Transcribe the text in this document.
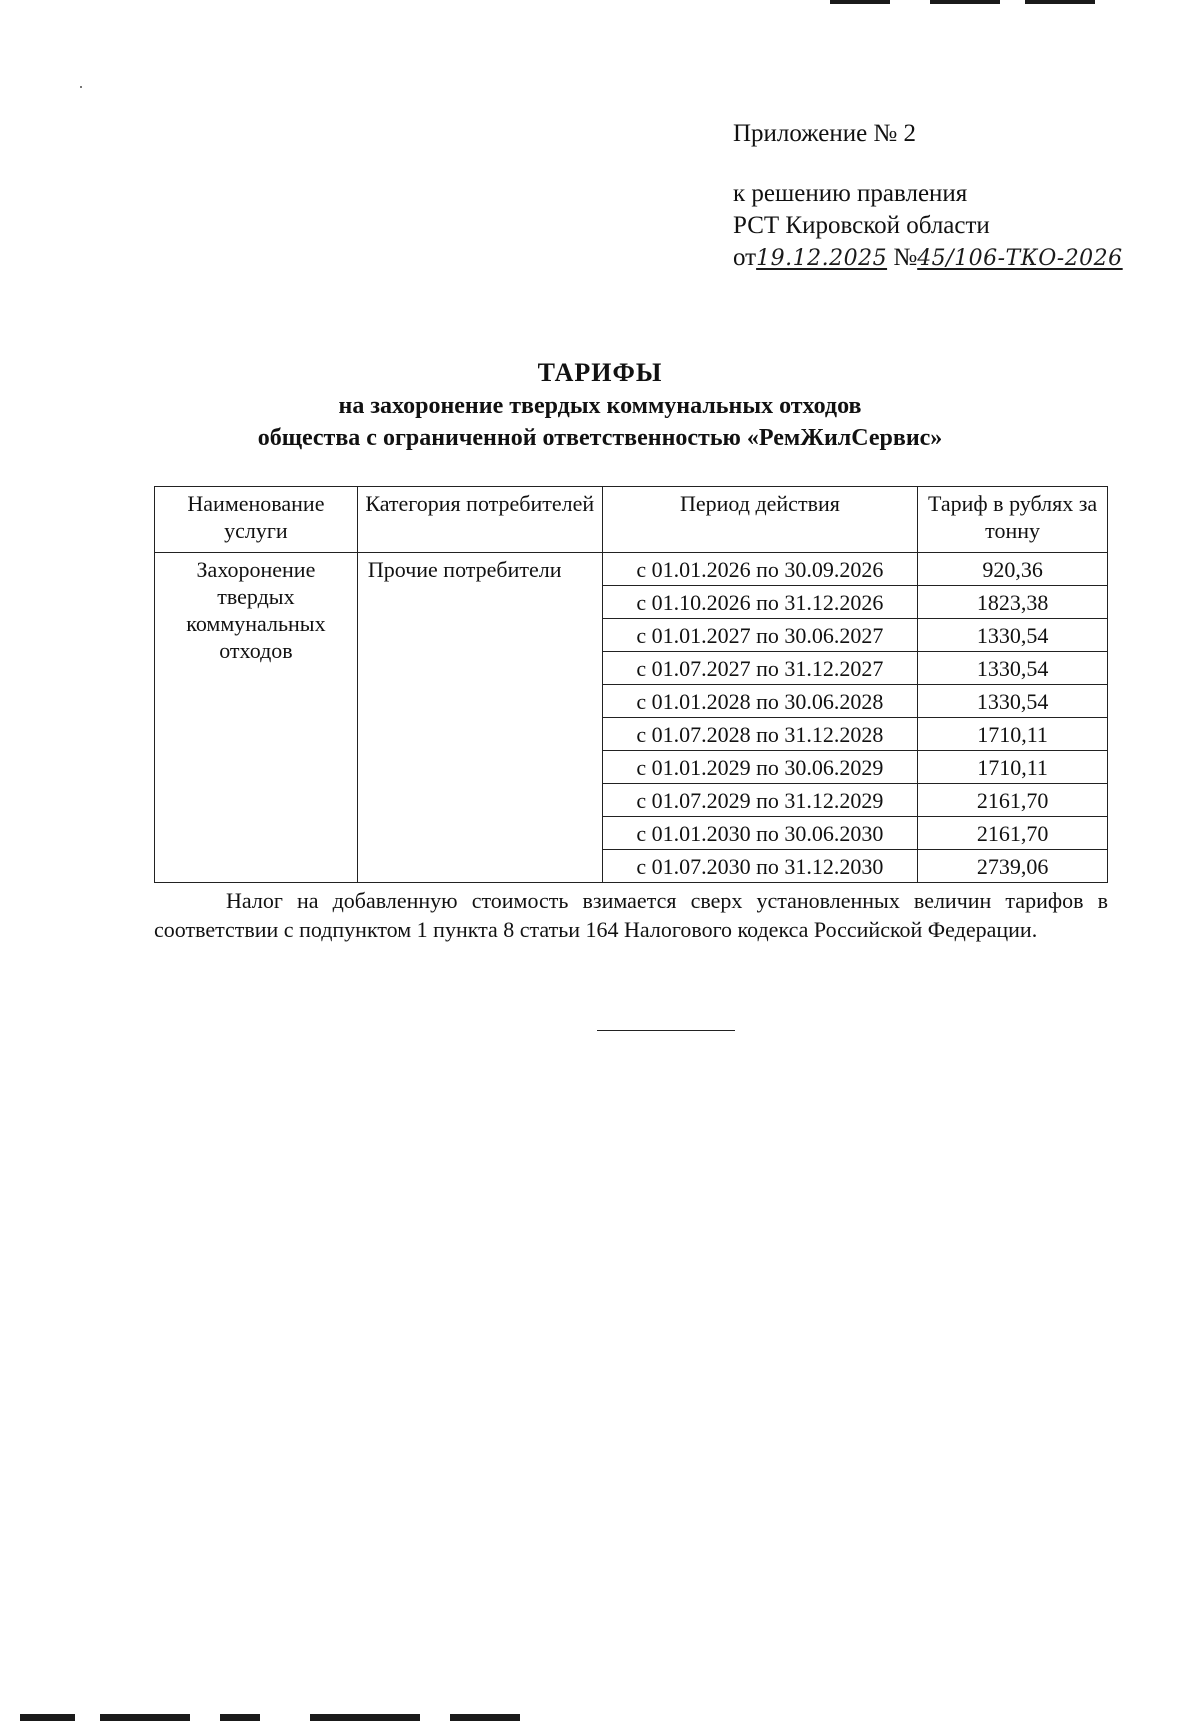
Приложение № 2
к решению правления
РСТ Кировской области
от19.12.2025 №45/106-ТКО-2026
ТАРИФЫ
на захоронение твердых коммунальных отходов
общества с ограниченной ответственностью «РемЖилСервис»
Наименование услуги	Категория потребителей	Период действия	Тариф в рублях за тонну
Захоронение твердых коммунальных отходов	Прочие потребители	с 01.01.2026 по 30.09.2026	920,36
		с 01.10.2026 по 31.12.2026	1823,38
		с 01.01.2027 по 30.06.2027	1330,54
		с 01.07.2027 по 31.12.2027	1330,54
		с 01.01.2028 по 30.06.2028	1330,54
		с 01.07.2028 по 31.12.2028	1710,11
		с 01.01.2029 по 30.06.2029	1710,11
		с 01.07.2029 по 31.12.2029	2161,70
		с 01.01.2030 по 30.06.2030	2161,70
		с 01.07.2030 по 31.12.2030	2739,06
Налог на добавленную стоимость взимается сверх установленных величин тарифов в соответствии с подпунктом 1 пункта 8 статьи 164 Налогового кодекса Российской Федерации.
